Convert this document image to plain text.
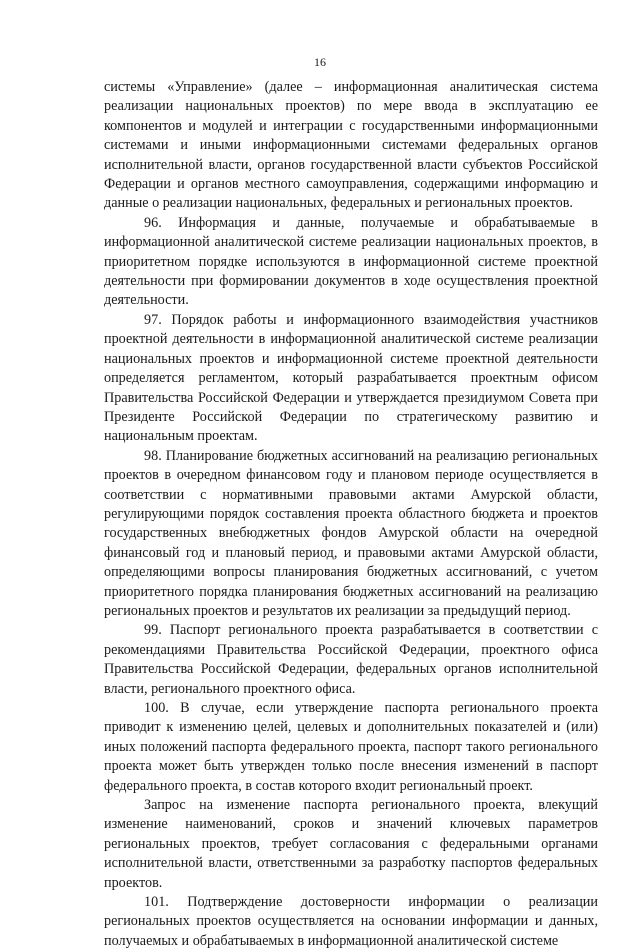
16

системы «Управление» (далее – информационная аналитическая система реализации национальных проектов) по мере ввода в эксплуатацию ее компонентов и модулей и интеграции с государственными информационными системами и иными информационными системами федеральных органов исполнительной власти, органов государственной власти субъектов Российской Федерации и органов местного самоуправления, содержащими информацию и данные о реализации национальных, федеральных и региональных проектов.

96. Информация и данные, получаемые и обрабатываемые в информационной аналитической системе реализации национальных проектов, в приоритетном порядке используются в информационной системе проектной деятельности при формировании документов в ходе осуществления проектной деятельности.

97. Порядок работы и информационного взаимодействия участников проектной деятельности в информационной аналитической системе реализации национальных проектов и информационной системе проектной деятельности определяется регламентом, который разрабатывается проектным офисом Правительства Российской Федерации и утверждается президиумом Совета при Президенте Российской Федерации по стратегическому развитию и национальным проектам.

98. Планирование бюджетных ассигнований на реализацию региональных проектов в очередном финансовом году и плановом периоде осуществляется в соответствии с нормативными правовыми актами Амурской области, регулирующими порядок составления проекта областного бюджета и проектов государственных внебюджетных фондов Амурской области на очередной финансовый год и плановый период, и правовыми актами Амурской области, определяющими вопросы планирования бюджетных ассигнований, с учетом приоритетного порядка планирования бюджетных ассигнований на реализацию региональных проектов и результатов их реализации за предыдущий период.

99. Паспорт регионального проекта разрабатывается в соответствии с рекомендациями Правительства Российской Федерации, проектного офиса Правительства Российской Федерации, федеральных органов исполнительной власти, регионального проектного офиса.

100. В случае, если утверждение паспорта регионального проекта приводит к изменению целей, целевых и дополнительных показателей и (или) иных положений паспорта федерального проекта, паспорт такого регионального проекта может быть утвержден только после внесения изменений в паспорт федерального проекта, в состав которого входит региональный проект.

Запрос на изменение паспорта регионального проекта, влекущий изменение наименований, сроков и значений ключевых параметров региональных проектов, требует согласования с федеральными органами исполнительной власти, ответственными за разработку паспортов федеральных проектов.

101. Подтверждение достоверности информации о реализации региональных проектов осуществляется на основании информации и данных, получаемых и обрабатываемых в информационной аналитической системе
